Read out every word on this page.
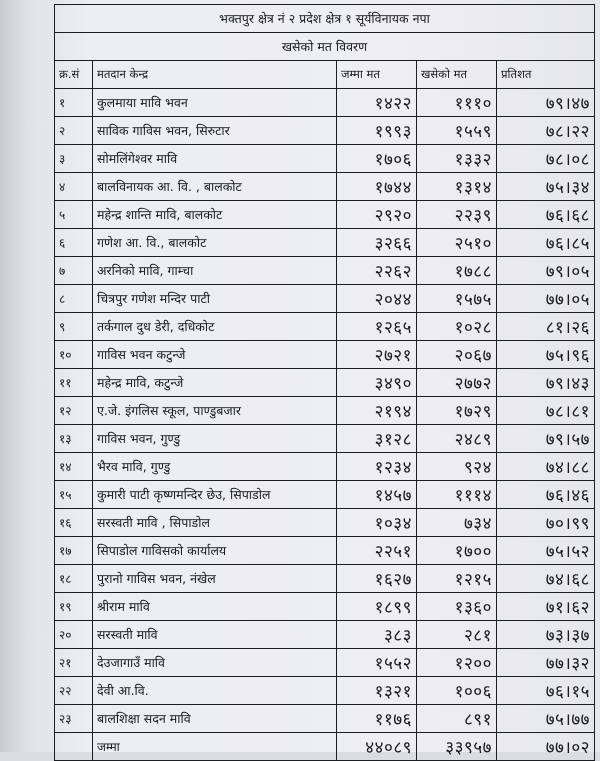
भक्तपुर क्षेत्र नं २ प्रदेश क्षेत्र १ सूर्यविनायक नपा				
खसेको मत विवरण				
क्र.सं	मतदान केन्द्र	जम्मा मत	खसेको मत	प्रतिशत
१	कुलमाया मावि भवन	१४२२	१११०	७९।४७
२	साविक गाविस भवन, सिरुटार	१९९३	१५५९	७८।२२
३	सोमलिंगेश्वर मावि	१७०६	१३३२	७८।०८
४	बालविनायक आ. वि. , बालकोट	१७४४	१३१४	७५।३४
५	महेन्द्र शान्ति मावि, बालकोट	२९२०	२२३९	७६।६८
६	गणेश आ. वि., बालकोट	३२६६	२५१०	७६।८५
७	अरनिको मावि, गाम्चा	२२६२	१७८८	७९।०५
८	चित्रपुर गणेश मन्दिर पाटी	२०४४	१५७५	७७।०५
९	तर्कगाल दुध डेरी, दधिकोट	१२६५	१०२८	८१।२६
१०	गाविस भवन कटुन्जे	२७२१	२०६७	७५।९६
११	महेन्द्र मावि, कटुन्जे	३४९०	२७७२	७९।४३
१२	ए.जे. इंगलिस स्कूल, पाण्डुबजार	२१९४	१७२९	७८।८१
१३	गाविस भवन, गुण्डु	३१२८	२४८९	७९।५७
१४	भैरव मावि, गुण्डु	१२३४	९२४	७४।८८
१५	कुमारी पाटी कृष्णमन्दिर छेउ, सिपाडोल	१४५७	१११४	७६।४६
१६	सरस्वती मावि , सिपाडोल	१०३४	७३४	७०।९९
१७	सिपाडोल गाविसको कार्यालय	२२५१	१७००	७५।५२
१८	पुरानो गाविस भवन, नंखेल	१६२७	१२१५	७४।६८
१९	श्रीराम मावि	१८९९	१३६०	७१।६२
२०	सरस्वती मावि	३८३	२८१	७३।३७
२१	देउजागाउँ मावि	१५५२	१२००	७७।३२
२२	देवी आ.वि.	१३२१	१००६	७६।१५
२३	बालशिक्षा सदन मावि	११७६	८९१	७५।७७
	जम्मा	४४०८९	३३९५७	७७।०२
